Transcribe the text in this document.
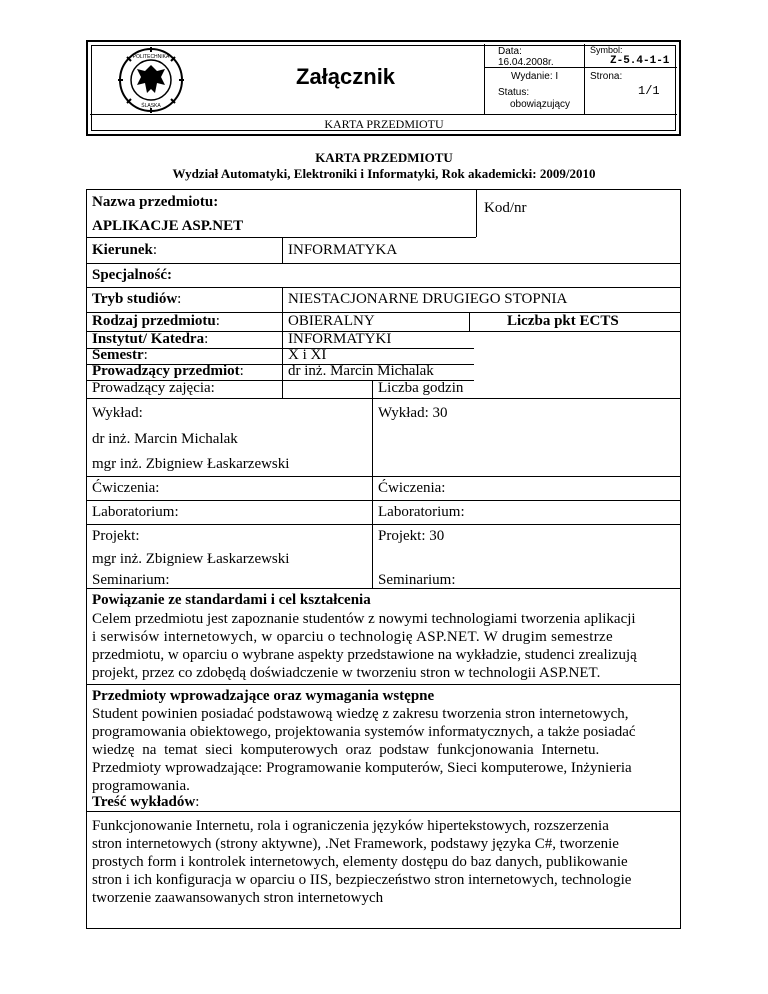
POLITECHNIKA
ŚLĄSKA
Załącznik
Data:
16.04.2008r.
Wydanie: I
Status:
obowiązujący
Symbol:
Z-5.4-1-1
Strona:
1/1
KARTA PRZEDMIOTU
KARTA PRZEDMIOTU
Wydział Automatyki, Elektroniki i Informatyki, Rok akademicki: 2009/2010
Nazwa przedmiotu:
APLIKACJE ASP.NET
Kod/nr
Kierunek:	INFORMATYKA
Specjalność:
Tryb studiów:	NIESTACJONARNE DRUGIEGO STOPNIA
Rodzaj przedmiotu:	OBIERALNY	Liczba pkt ECTS
Instytut/ Katedra:	INFORMATYKI
Semestr:	X i XI
Prowadzący przedmiot:	dr inż. Marcin Michalak
Prowadzący zajęcia:	Liczba godzin
Wykład:	Wykład: 30
dr inż. Marcin Michalak
mgr inż. Zbigniew Łaskarzewski
Ćwiczenia:	Ćwiczenia:
Laboratorium:	Laboratorium:
Projekt:	Projekt: 30
mgr inż. Zbigniew Łaskarzewski
Seminarium:	Seminarium:
Powiązanie ze standardami i cel kształcenia
Celem przedmiotu jest zapoznanie studentów z nowymi technologiami tworzenia aplikacji
i serwisów internetowych, w oparciu o technologię ASP.NET. W drugim semestrze
przedmiotu, w oparciu o wybrane aspekty przedstawione na wykładzie, studenci zrealizują
projekt, przez co zdobędą doświadczenie w tworzeniu stron w technologii ASP.NET.
Przedmioty wprowadzające oraz wymagania wstępne
Student powinien posiadać podstawową wiedzę z zakresu tworzenia stron internetowych,
programowania obiektowego, projektowania systemów informatycznych, a także posiadać
wiedzę na temat sieci komputerowych oraz podstaw funkcjonowania Internetu.
Przedmioty wprowadzające: Programowanie komputerów, Sieci komputerowe, Inżynieria
programowania.
Treść wykładów:
Funkcjonowanie Internetu, rola i ograniczenia języków hipertekstowych, rozszerzenia
stron internetowych (strony aktywne), .Net Framework, podstawy języka C#, tworzenie
prostych form i kontrolek internetowych, elementy dostępu do baz danych, publikowanie
stron i ich konfiguracja w oparciu o IIS, bezpieczeństwo stron internetowych, technologie
tworzenie zaawansowanych stron internetowych
